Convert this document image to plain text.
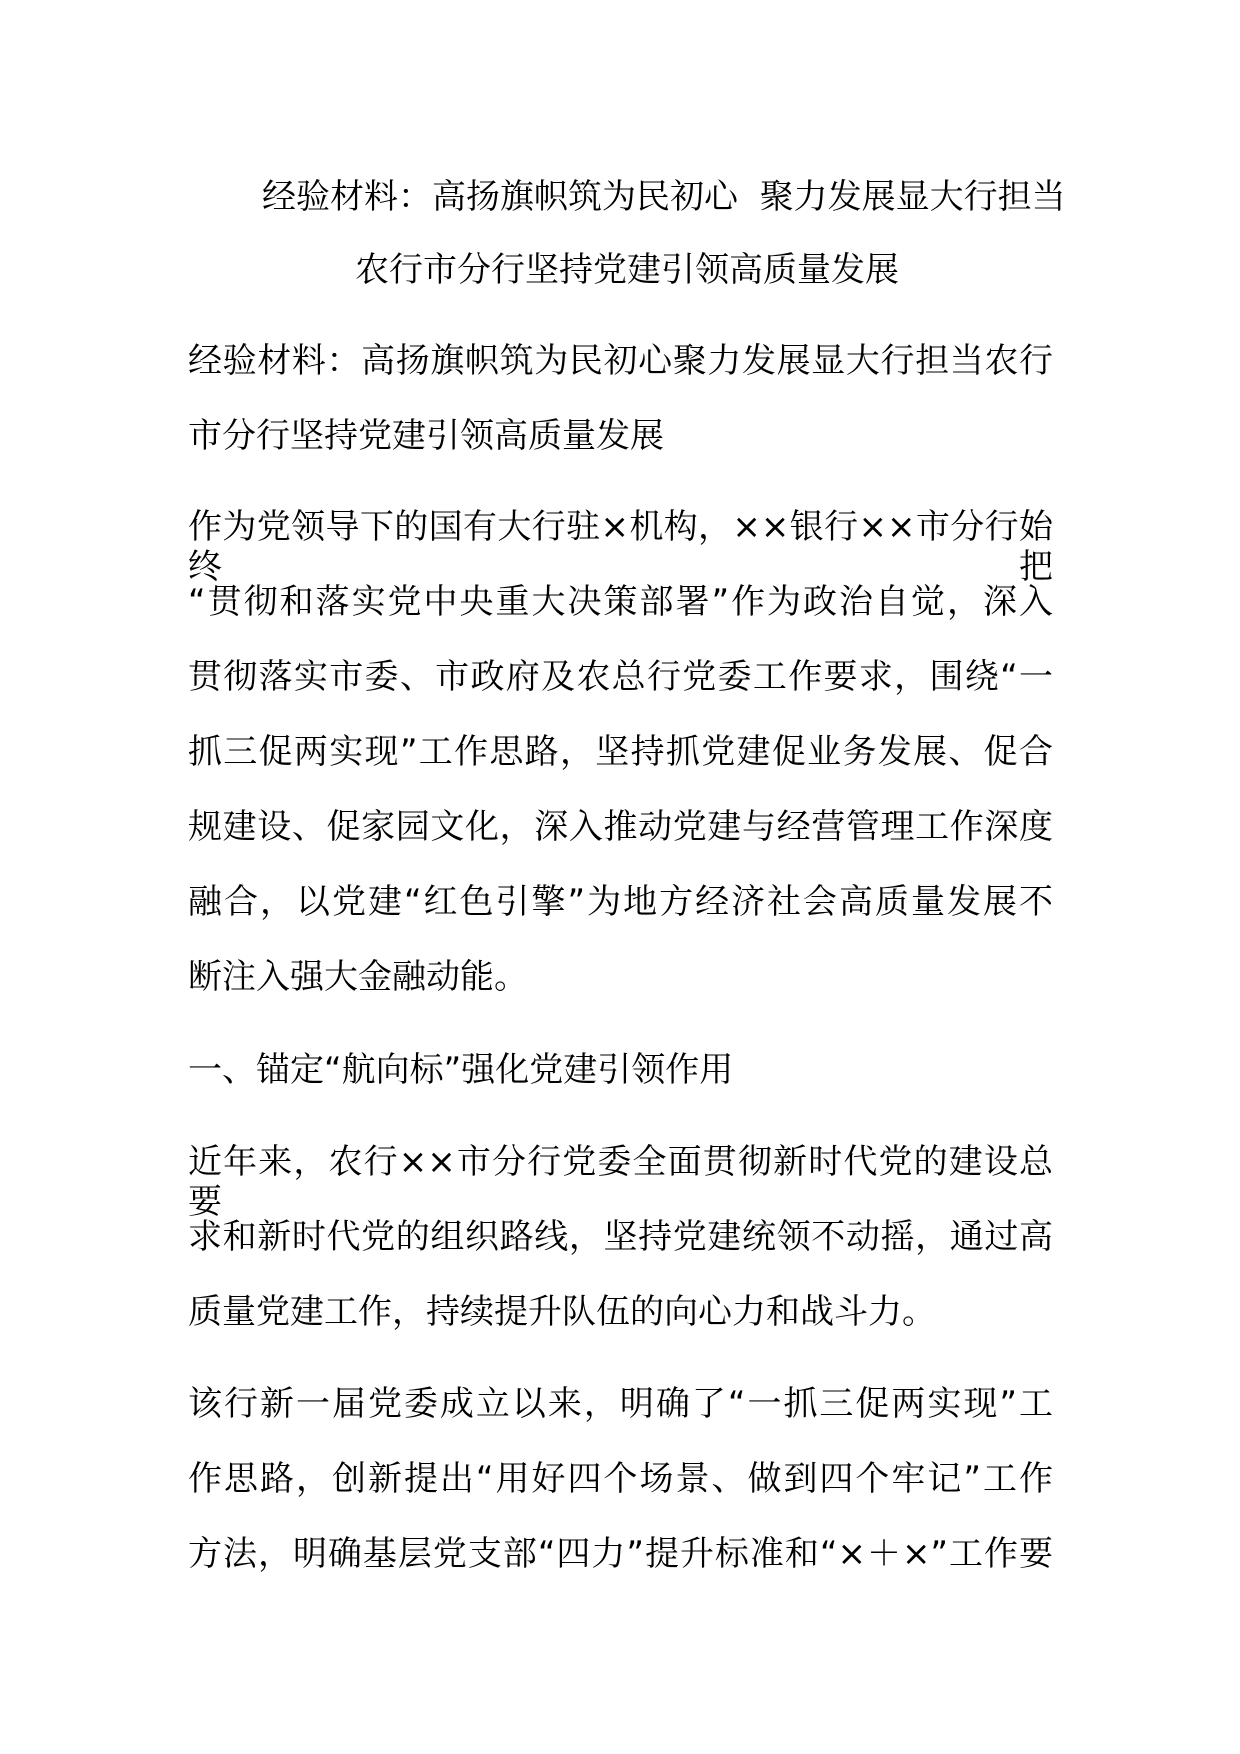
经验材料：高扬旗帜筑为民初心  聚力发展显大行担当
农行市分行坚持党建引领高质量发展
经验材料：高扬旗帜筑为民初心聚力发展显大行担当农行
市分行坚持党建引领高质量发展
作为党领导下的国有大行驻×机构，××银行××市分行始终把
“贯彻和落实党中央重大决策部署”作为政治自觉，深入
贯彻落实市委、市政府及农总行党委工作要求，围绕“一
抓三促两实现”工作思路，坚持抓党建促业务发展、促合
规建设、促家园文化，深入推动党建与经营管理工作深度
融合，以党建“红色引擎”为地方经济社会高质量发展不
断注入强大金融动能。
一、锚定“航向标”强化党建引领作用
近年来，农行××市分行党委全面贯彻新时代党的建设总要
求和新时代党的组织路线，坚持党建统领不动摇，通过高
质量党建工作，持续提升队伍的向心力和战斗力。
该行新一届党委成立以来，明确了“一抓三促两实现”工
作思路，创新提出“用好四个场景、做到四个牢记”工作
方法，明确基层党支部“四力”提升标准和“×＋×”工作要
